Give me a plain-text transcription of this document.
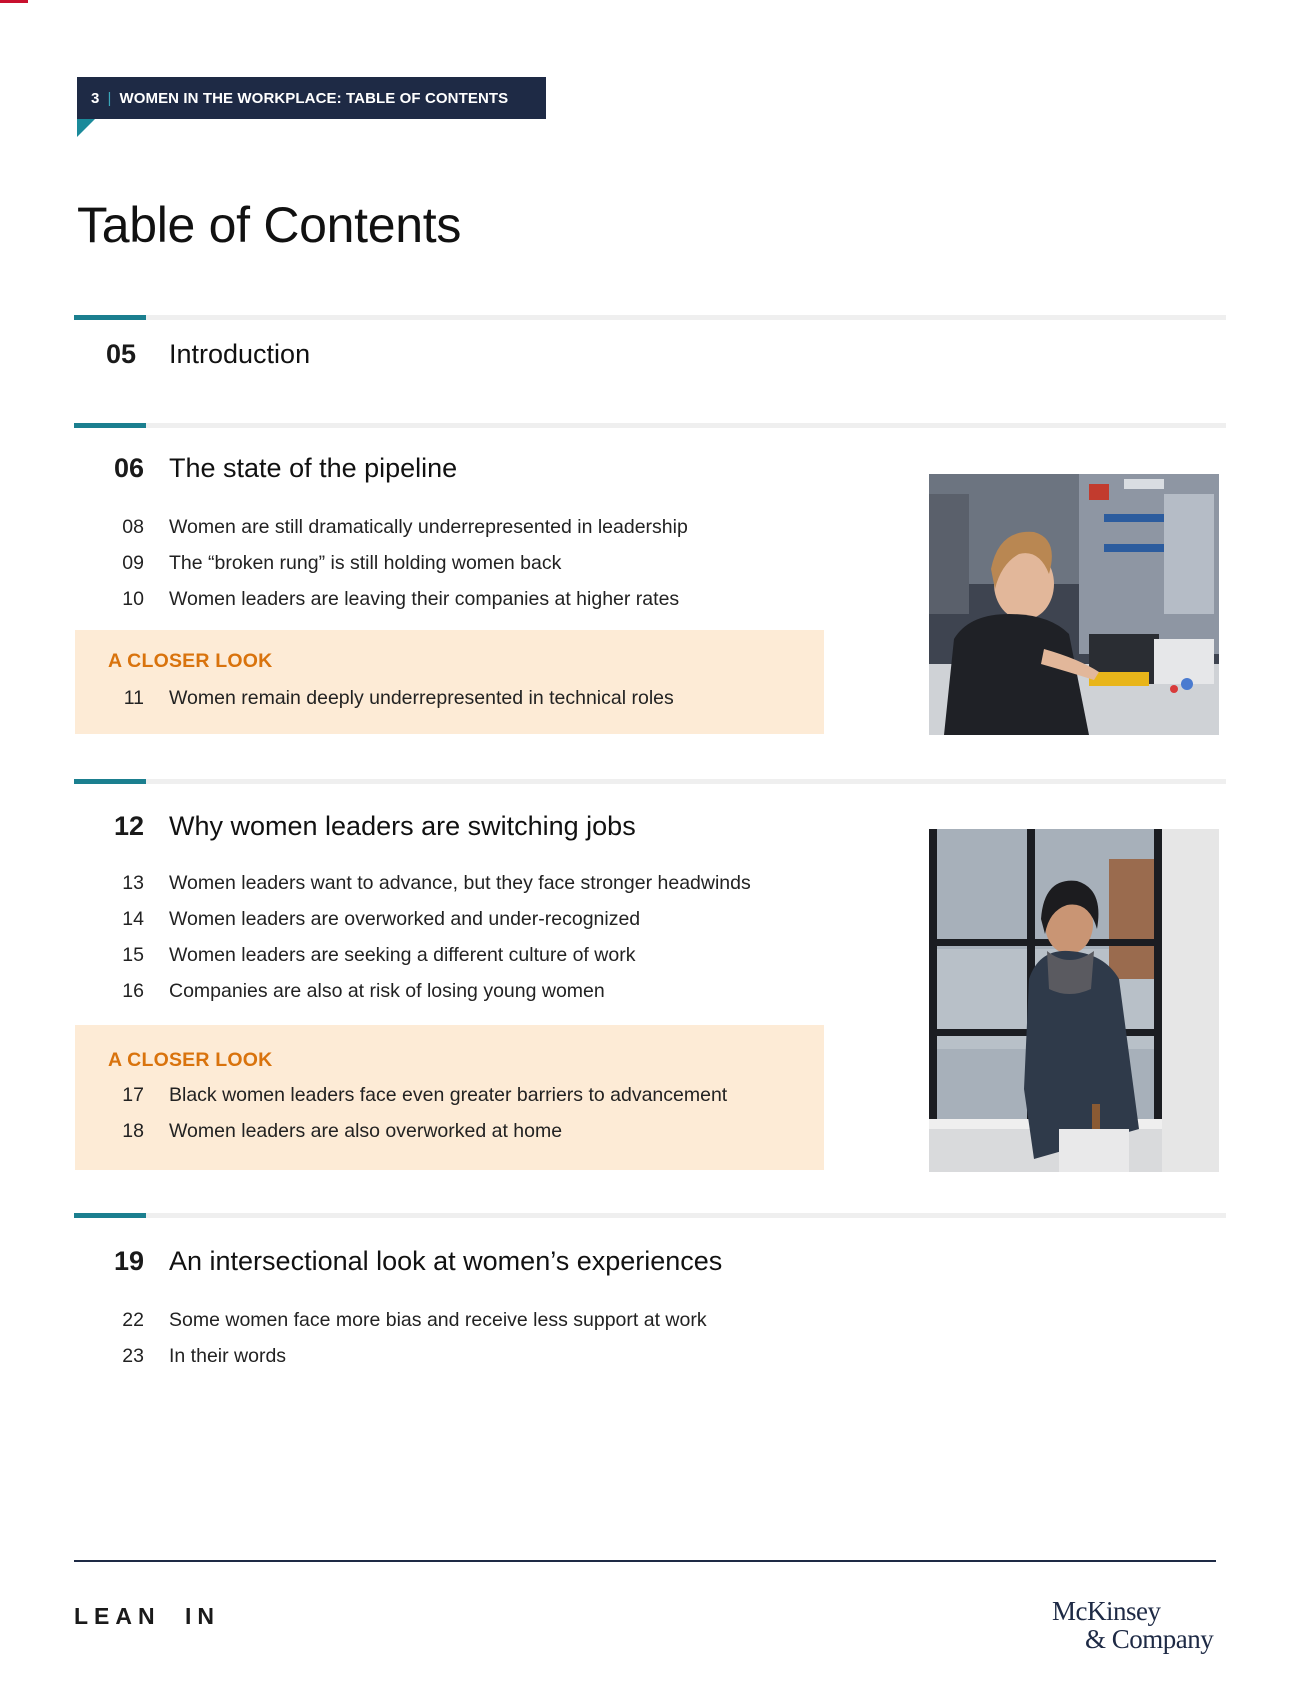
3 | WOMEN IN THE WORKPLACE: TABLE OF CONTENTS
Table of Contents
05 Introduction
06 The state of the pipeline
08 Women are still dramatically underrepresented in leadership
09 The “broken rung” is still holding women back
10 Women leaders are leaving their companies at higher rates
A CLOSER LOOK
11 Women remain deeply underrepresented in technical roles
12 Why women leaders are switching jobs
13 Women leaders want to advance, but they face stronger headwinds
14 Women leaders are overworked and under-recognized
15 Women leaders are seeking a different culture of work
16 Companies are also at risk of losing young women
A CLOSER LOOK
17 Black women leaders face even greater barriers to advancement
18 Women leaders are also overworked at home
19 An intersectional look at women’s experiences
22 Some women face more bias and receive less support at work
23 In their words
LEAN IN	McKinsey
& Company
